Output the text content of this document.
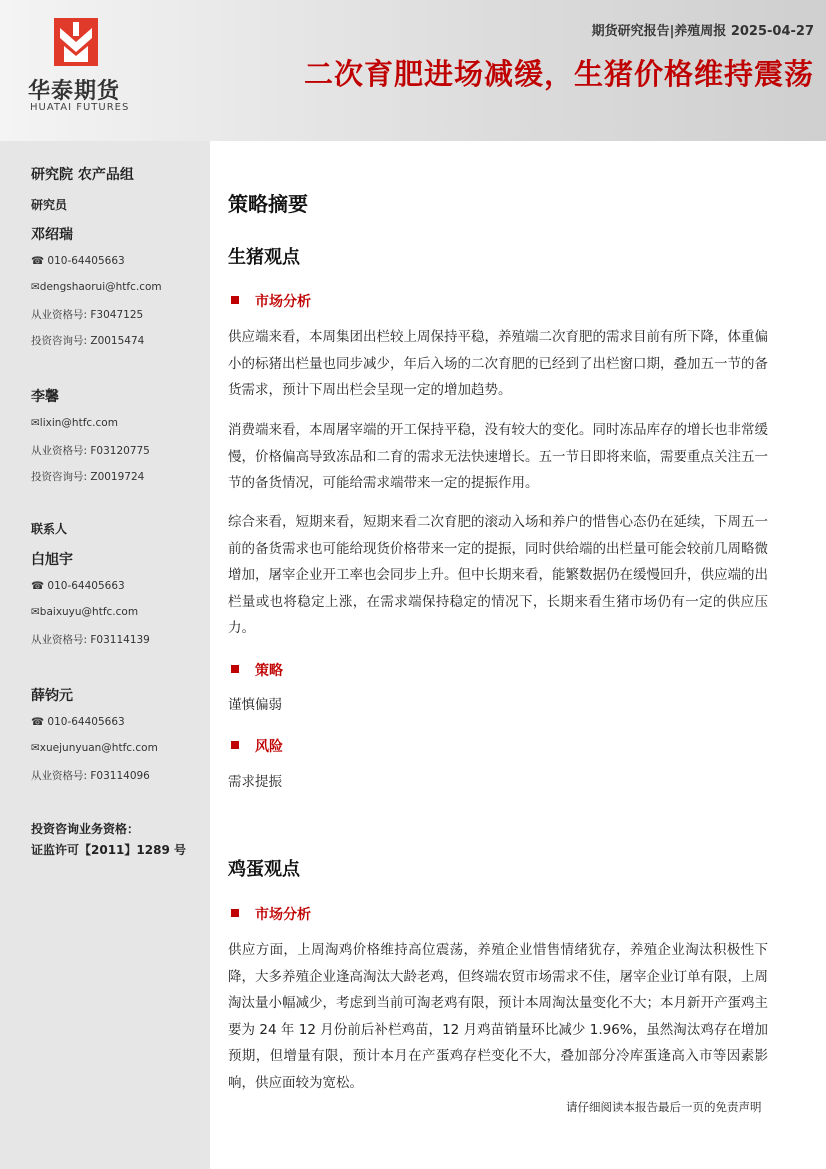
华泰期货
HUATAI FUTURES
期货研究报告|养殖周报 2025-04-27
二次育肥进场减缓，生猪价格维持震荡
研究院 农产品组
研究员
邓绍瑞
☎ 010-64405663
✉dengshaorui@htfc.com
从业资格号: F3047125
投资咨询号: Z0015474
李馨
✉lixin@htfc.com
从业资格号: F03120775
投资咨询号: Z0019724
联系人
白旭宇
☎ 010-64405663
✉baixuyu@htfc.com
从业资格号: F03114139
薛钧元
☎ 010-64405663
✉xuejunyuan@htfc.com
从业资格号: F03114096
投资咨询业务资格：
证监许可【2011】1289 号
策略摘要
生猪观点
市场分析

供应端来看，本周集团出栏较上周保持平稳，养殖端二次育肥的需求目前有所下降，体重偏小的标猪出栏量也同步减少，年后入场的二次育肥的已经到了出栏窗口期，叠加五一节的备货需求，预计下周出栏会呈现一定的增加趋势。

消费端来看，本周屠宰端的开工保持平稳，没有较大的变化。同时冻品库存的增长也非常缓慢，价格偏高导致冻品和二育的需求无法快速增长。五一节日即将来临，需要重点关注五一节的备货情况，可能给需求端带来一定的提振作用。

综合来看，短期来看，短期来看二次育肥的滚动入场和养户的惜售心态仍在延续，下周五一前的备货需求也可能给现货价格带来一定的提振，同时供给端的出栏量可能会较前几周略微增加，屠宰企业开工率也会同步上升。但中长期来看，能繁数据仍在缓慢回升，供应端的出栏量或也将稳定上涨，在需求端保持稳定的情况下，长期来看生猪市场仍有一定的供应压力。

策略

谨慎偏弱

风险

需求提振

鸡蛋观点
市场分析

供应方面，上周淘鸡价格维持高位震荡，养殖企业惜售情绪犹存，养殖企业淘汰积极性下降，大多养殖企业逢高淘汰大龄老鸡，但终端农贸市场需求不佳，屠宰企业订单有限，上周淘汰量小幅减少，考虑到当前可淘老鸡有限，预计本周淘汰量变化不大；本月新开产蛋鸡主要为 24 年 12 月份前后补栏鸡苗，12 月鸡苗销量环比减少 1.96%，虽然淘汰鸡存在增加预期，但增量有限，预计本月在产蛋鸡存栏变化不大，叠加部分冷库蛋逢高入市等因素影响，供应面较为宽松。

请仔细阅读本报告最后一页的免责声明
